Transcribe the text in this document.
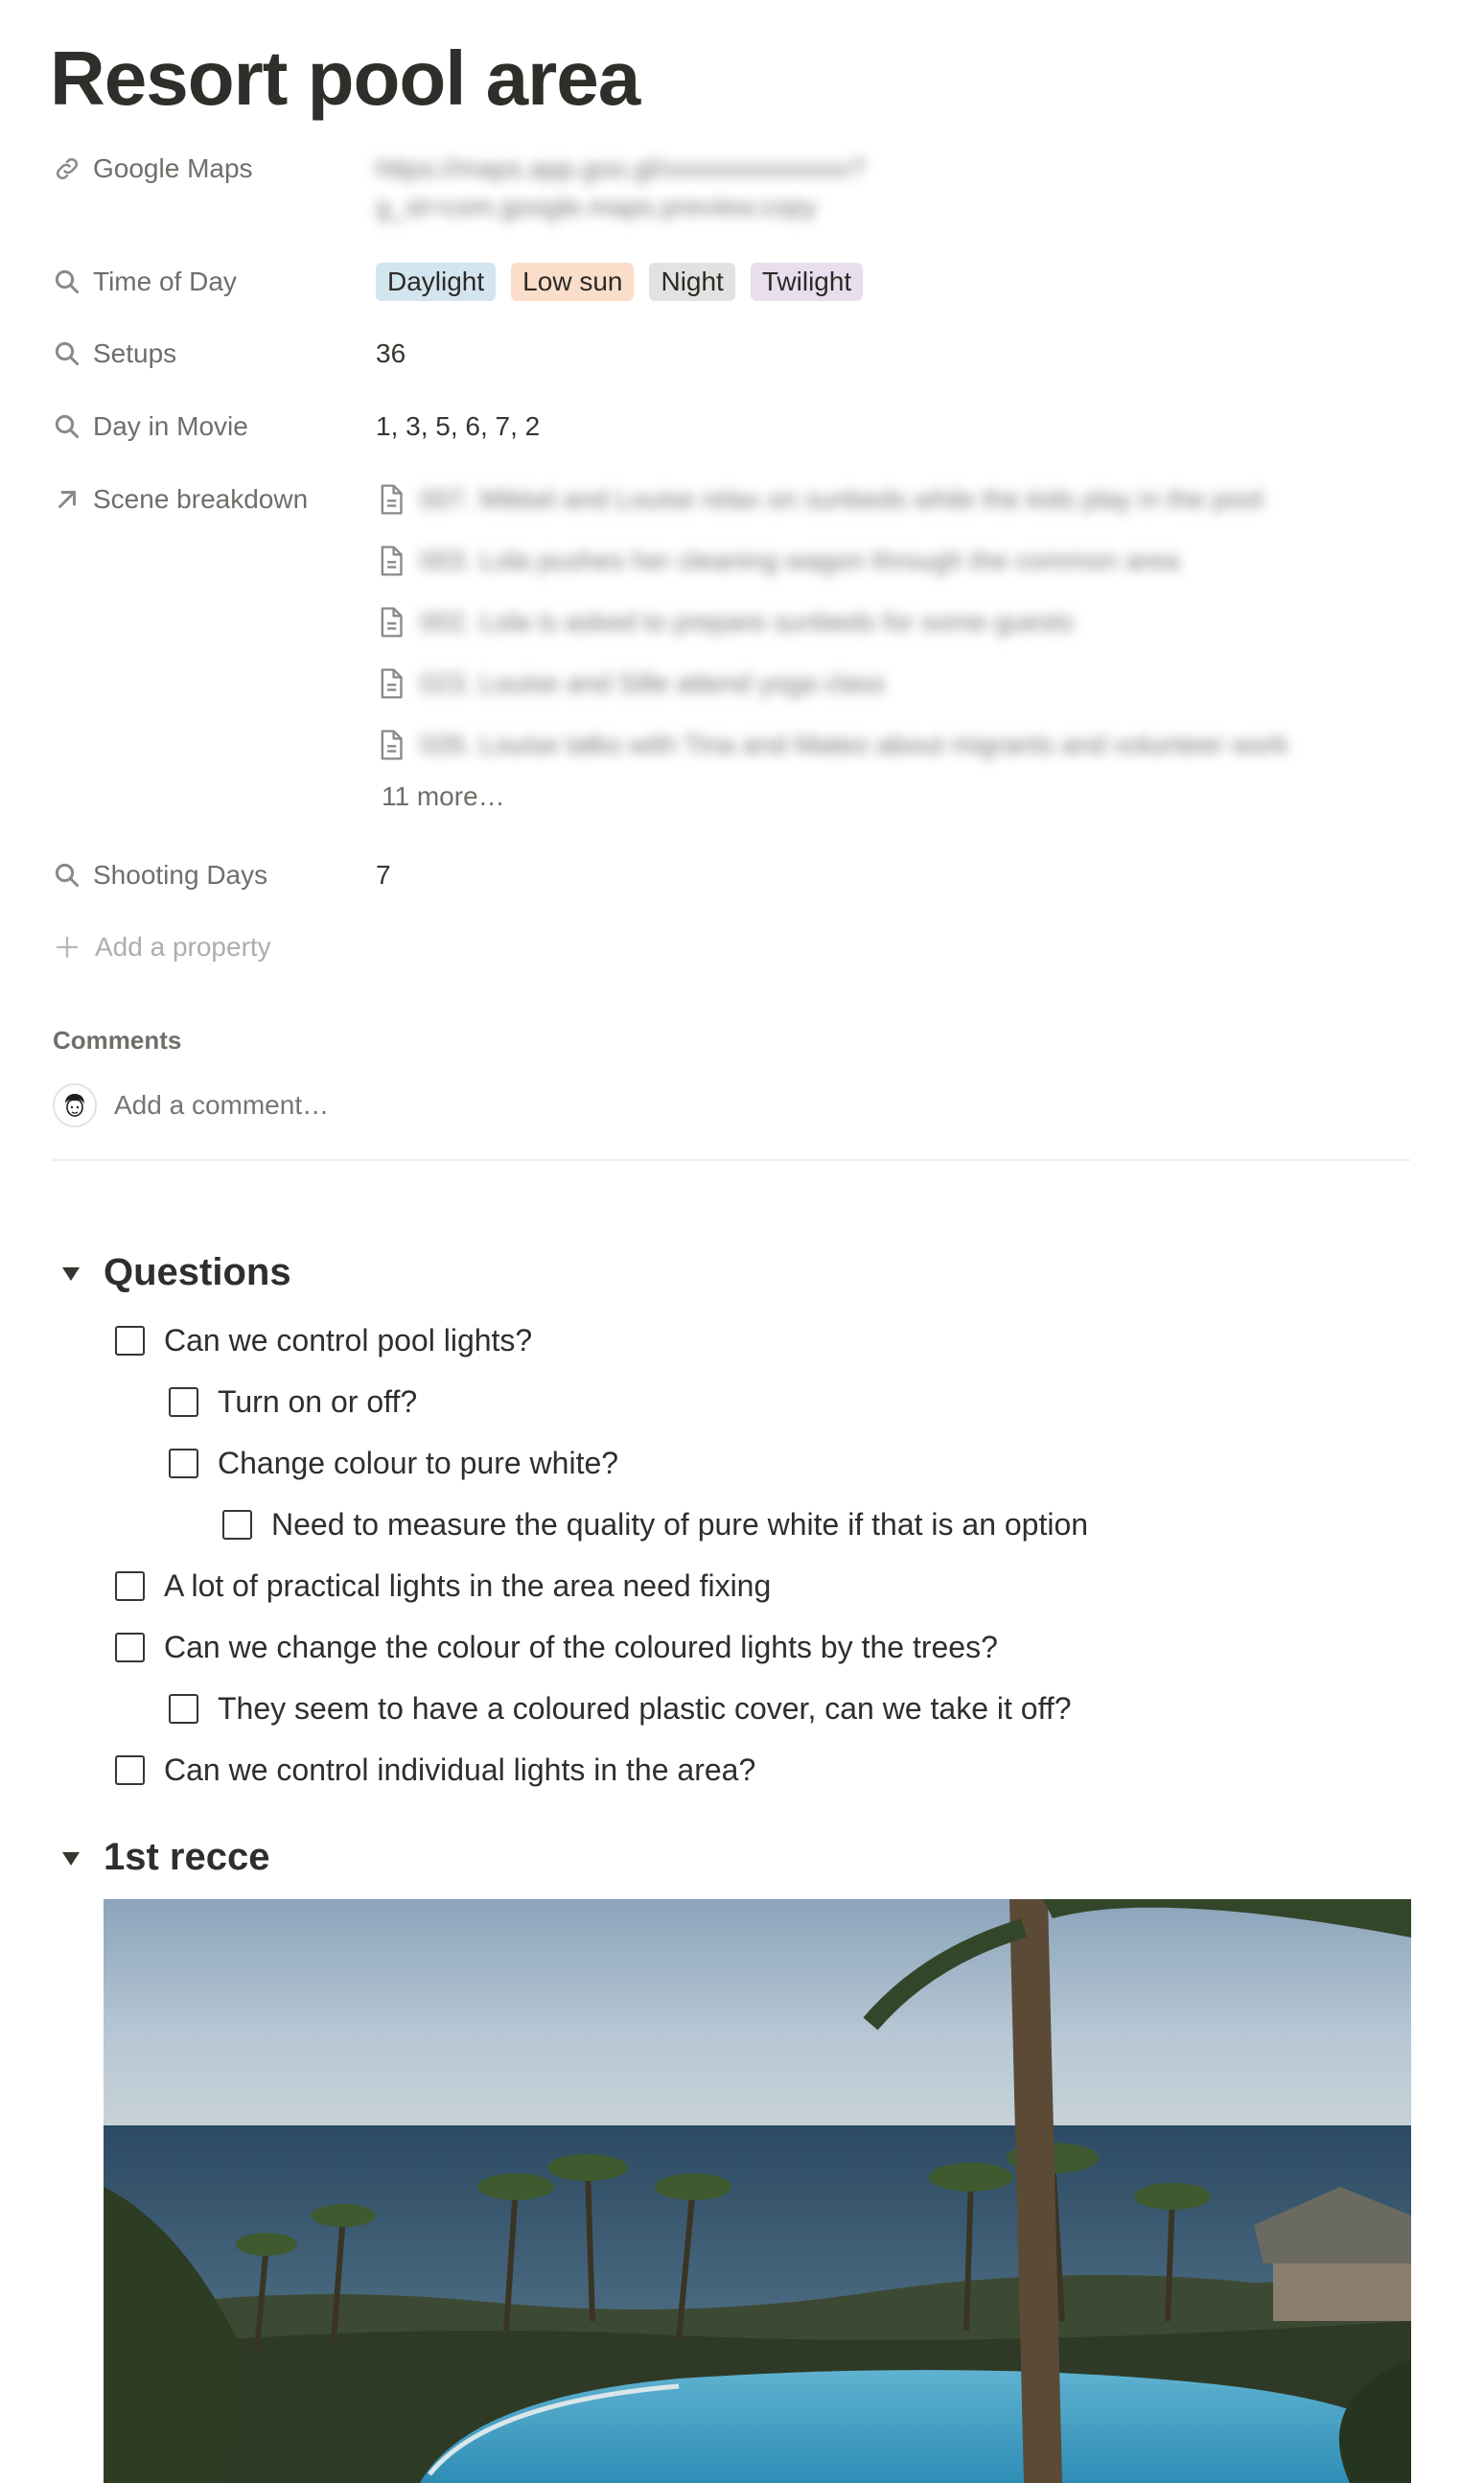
Resort pool area
Google Maps	https://maps.app.goo.gl/xxxxxxxxxxxxxx?
g_st=com.google.maps.preview.copy
Time of Day	Daylight	Low sun	Night	Twilight
Setups	36
Day in Movie	1, 3, 5, 6, 7, 2
Scene breakdown	007. Mikkel and Louise relax on sunbeds while the kids play in the pool
003. Lola pushes her cleaning wagon through the common area
002. Lola is asked to prepare sunbeds for some guests
023. Louise and Sille attend yoga class
026. Louise talks with Tina and Mateo about migrants and volunteer work
11 more…
Shooting Days	7
Add a property
Comments
Add a comment…
Questions
Can we control pool lights?
Turn on or off?
Change colour to pure white?
Need to measure the quality of pure white if that is an option
A lot of practical lights in the area need fixing
Can we change the colour of the coloured lights by the trees?
They seem to have a coloured plastic cover, can we take it off?
Can we control individual lights in the area?
1st recce
